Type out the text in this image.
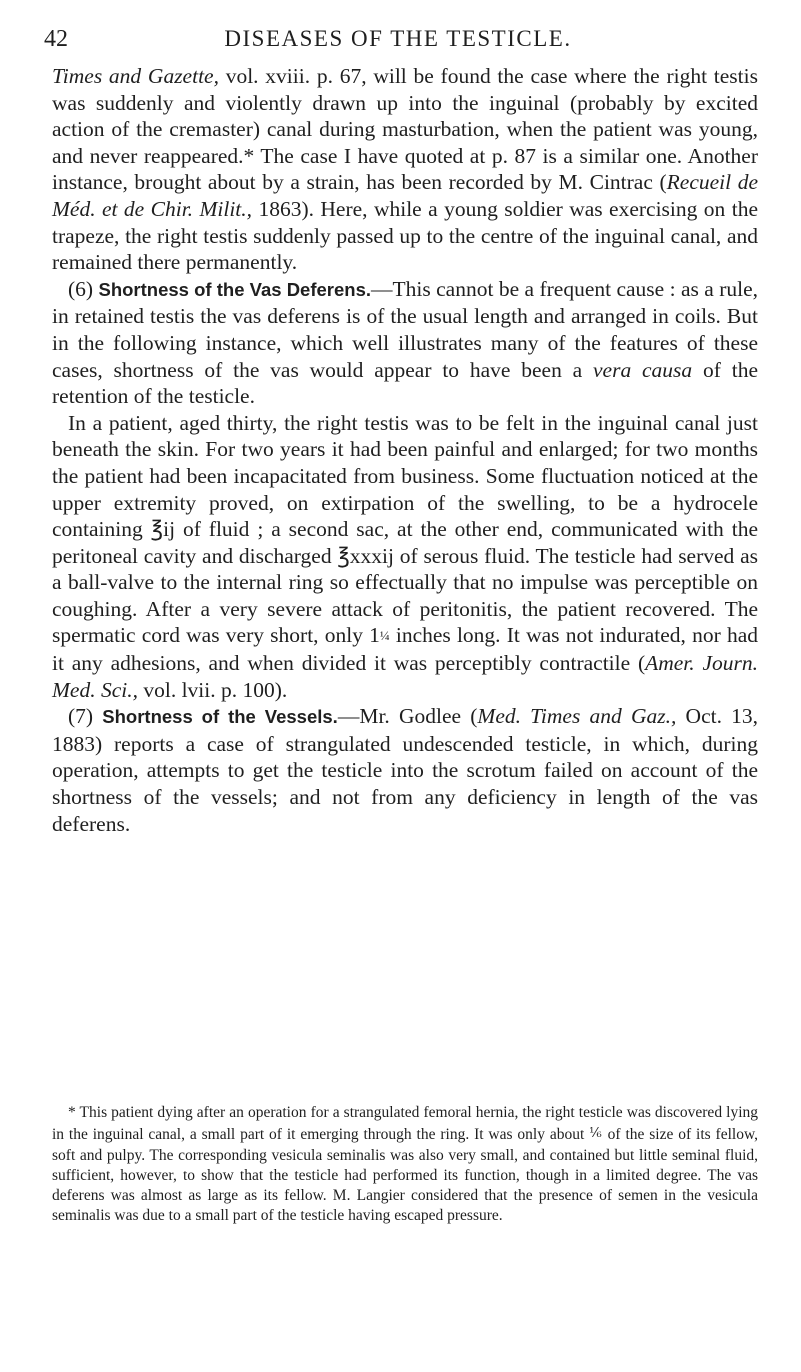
42	DISEASES OF THE TESTICLE.

Times and Gazette, vol. xviii. p. 67, will be found the case where the right testis was suddenly and violently drawn up into the inguinal (probably by excited action of the cremaster) canal during masturbation, when the patient was young, and never reappeared.* The case I have quoted at p. 87 is a similar one. Another instance, brought about by a strain, has been recorded by M. Cintrac (Recueil de Méd. et de Chir. Milit., 1863). Here, while a young soldier was exercising on the trapeze, the right testis suddenly passed up to the centre of the inguinal canal, and remained there permanently.

(6) Shortness of the Vas Deferens.—This cannot be a frequent cause : as a rule, in retained testis the vas deferens is of the usual length and arranged in coils. But in the following instance, which well illustrates many of the features of these cases, shortness of the vas would appear to have been a vera causa of the retention of the testicle.

In a patient, aged thirty, the right testis was to be felt in the inguinal canal just beneath the skin. For two years it had been painful and enlarged; for two months the patient had been incapacitated from business. Some fluctuation noticed at the upper extremity proved, on extirpation of the swelling, to be a hydrocele containing ℥ij of fluid ; a second sac, at the other end, communicated with the peritoneal cavity and discharged ℥xxxij of serous fluid. The testicle had served as a ball-valve to the internal ring so effectually that no impulse was perceptible on coughing. After a very severe attack of peritonitis, the patient recovered. The spermatic cord was very short, only 1¼ inches long. It was not indurated, nor had it any adhesions, and when divided it was perceptibly contractile (Amer. Journ. Med. Sci., vol. lvii. p. 100).

(7) Shortness of the Vessels.—Mr. Godlee (Med. Times and Gaz., Oct. 13, 1883) reports a case of strangulated undescended testicle, in which, during operation, attempts to get the testicle into the scrotum failed on account of the shortness of the vessels; and not from any deficiency in length of the vas deferens.

* This patient dying after an operation for a strangulated femoral hernia, the right testicle was discovered lying in the inguinal canal, a small part of it emerging through the ring. It was only about ⅙ of the size of its fellow, soft and pulpy. The corresponding vesicula seminalis was also very small, and contained but little seminal fluid, sufficient, however, to show that the testicle had performed its function, though in a limited degree. The vas deferens was almost as large as its fellow. M. Langier considered that the presence of semen in the vesicula seminalis was due to a small part of the testicle having escaped pressure.
